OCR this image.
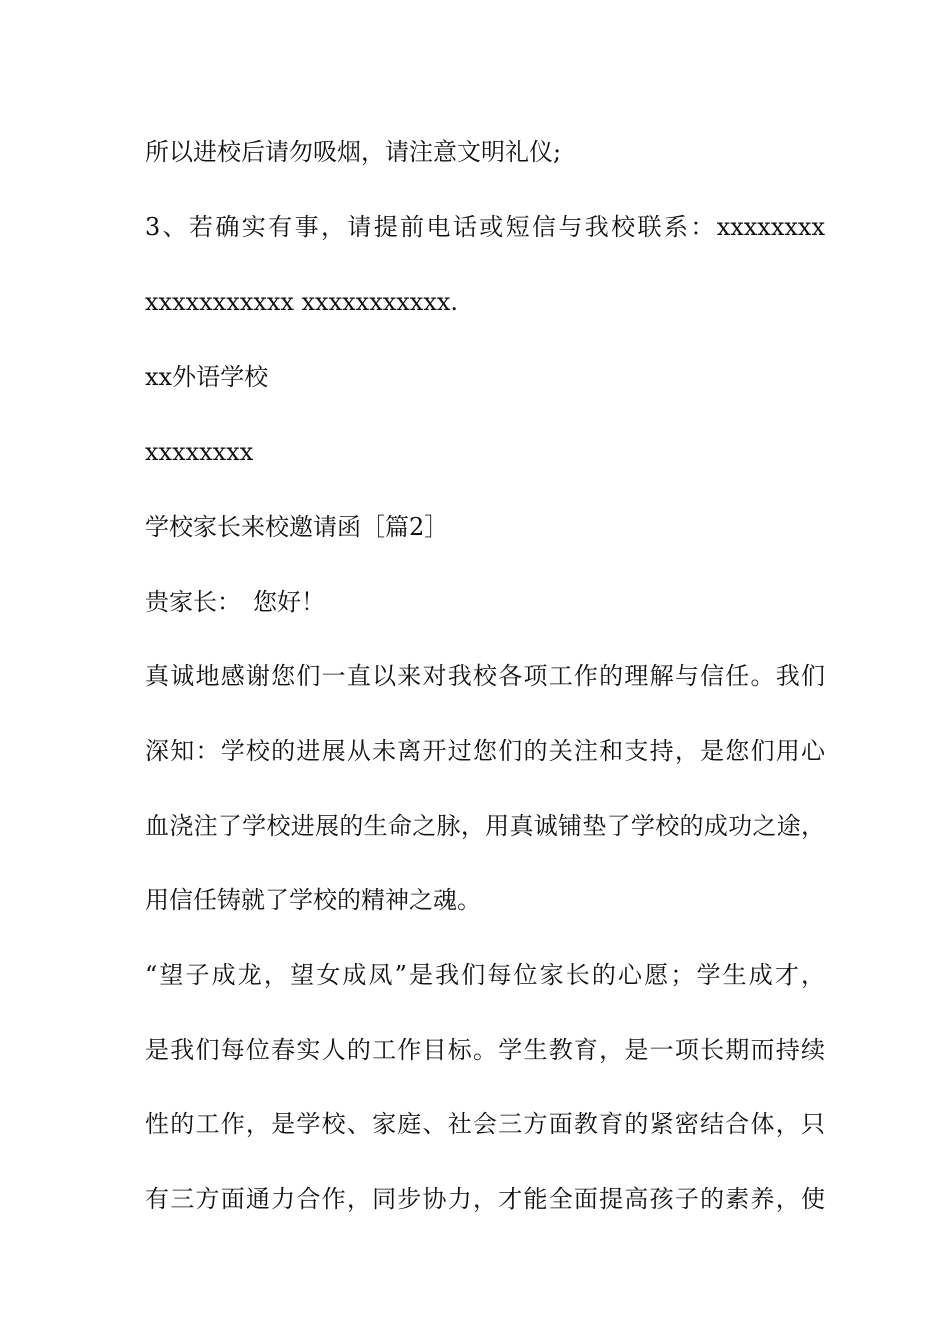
所以进校后请勿吸烟，请注意文明礼仪;
3、若确实有事，请提前电话或短信与我校联系：xxxxxxxx
xxxxxxxxxxx xxxxxxxxxxx.
xx外语学校
xxxxxxxx
学校家长来校邀请函［篇2］
贵家长：　您好！
真诚地感谢您们一直以来对我校各项工作的理解与信任。我们
深知：学校的进展从未离开过您们的关注和支持，是您们用心
血浇注了学校进展的生命之脉，用真诚铺垫了学校的成功之途，
用信任铸就了学校的精神之魂。
“望子成龙，望女成凤”是我们每位家长的心愿；学生成才，
是我们每位春实人的工作目标。学生教育，是一项长期而持续
性的工作，是学校、家庭、社会三方面教育的紧密结合体，只
有三方面通力合作，同步协力，才能全面提高孩子的素养，使
